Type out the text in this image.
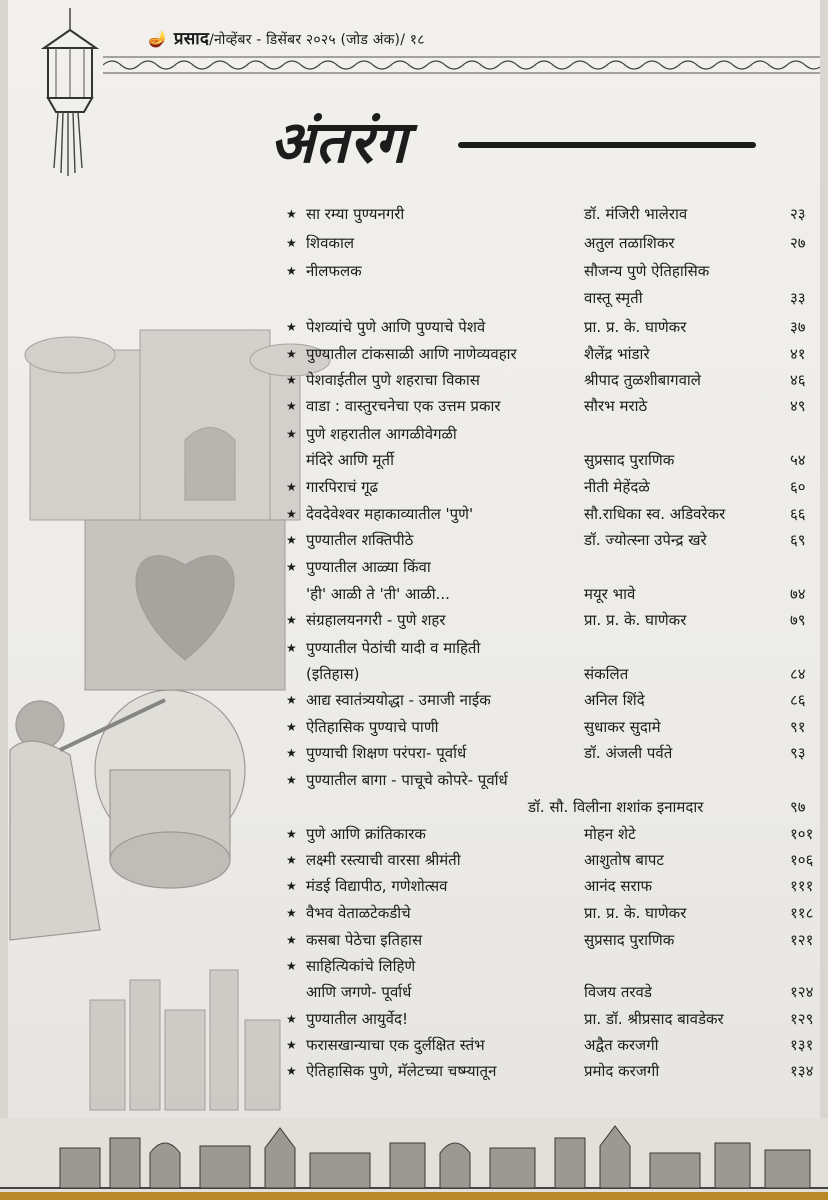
🪔 प्रसाद/नोव्हेंबर - डिसेंबर २०२५ (जोड अंक)/ १८
अंतरंग
★ सा रम्या पुण्यनगरी	डॉ. मंजिरी भालेराव	२३
★ शिवकाल	अतुल तळाशिकर	२७
★ नीलफलक	सौजन्य पुणे ऐतिहासिक
वास्तू स्मृती	३३
★ पेशव्यांचे पुणे आणि पुण्याचे पेशवे	प्रा. प्र. के. घाणेकर	३७
★ पुण्यातील टांकसाळी आणि नाणेव्यवहार	शैलेंद्र भांडारे	४१
★ पेशवाईतील पुणे शहराचा विकास	श्रीपाद तुळशीबागवाले	४६
★ वाडा : वास्तुरचनेचा एक उत्तम प्रकार	सौरभ मराठे	४९
★ पुणे शहरातील आगळीवेगळी
मंदिरे आणि मूर्ती	सुप्रसाद पुराणिक	५४
★ गारपिराचं गूढ	नीती मेहेंदळे	६०
★ देवदेवेश्वर महाकाव्यातील 'पुणे'	सौ.राधिका स्व. अडिवरेकर	६६
★ पुण्यातील शक्तिपीठे	डॉ. ज्योत्स्ना उपेन्द्र खरे	६९
★ पुण्यातील आळ्या किंवा
'ही' आळी ते 'ती' आळी...	मयूर भावे	७४
★ संग्रहालयनगरी - पुणे शहर	प्रा. प्र. के. घाणेकर	७९
★ पुण्यातील पेठांची यादी व माहिती
(इतिहास)	संकलित	८४
★ आद्य स्वातंत्र्ययोद्धा - उमाजी नाईक	अनिल शिंदे	८६
★ ऐतिहासिक पुण्याचे पाणी	सुधाकर सुदामे	९१
★ पुण्याची शिक्षण परंपरा- पूर्वार्ध	डॉ. अंजली पर्वते	९३
★ पुण्यातील बागा - पाचूचे कोपरे- पूर्वार्ध
डॉ. सौ. विलीना शशांक इनामदार	९७
★ पुणे आणि क्रांतिकारक	मोहन शेटे	१०१
★ लक्ष्मी रस्त्याची वारसा श्रीमंती	आशुतोष बापट	१०६
★ मंडई विद्यापीठ, गणेशोत्सव	आनंद सराफ	१११
★ वैभव वेताळटेकडीचे	प्रा. प्र. के. घाणेकर	११८
★ कसबा पेठेचा इतिहास	सुप्रसाद पुराणिक	१२१
★ साहित्यिकांचे लिहिणे
आणि जगणे- पूर्वार्ध	विजय तरवडे	१२४
★ पुण्यातील आयुर्वेद!	प्रा. डॉ. श्रीप्रसाद बावडेकर	१२९
★ फरासखान्याचा एक दुर्लक्षित स्तंभ	अद्वैत करजगी	१३१
★ ऐतिहासिक पुणे, मॅलेटच्या चष्म्यातून	प्रमोद करजगी	१३४
